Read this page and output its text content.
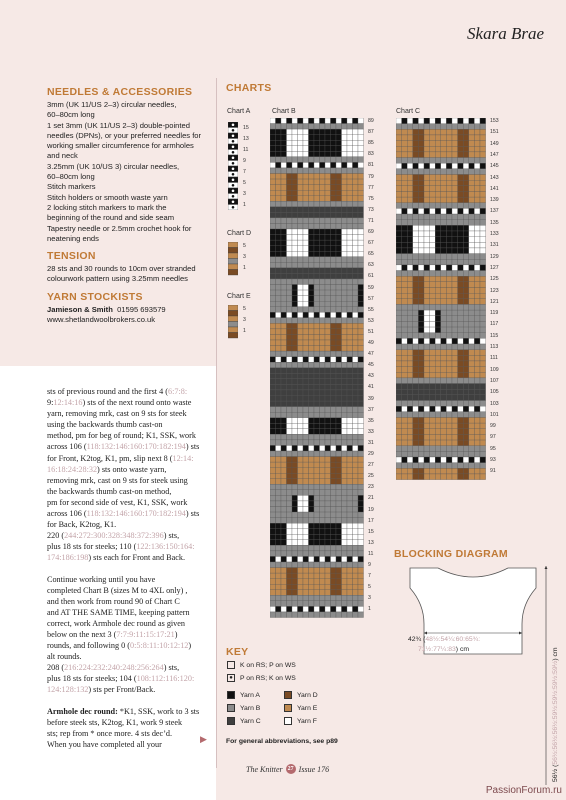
Skara Brae
NEEDLES & ACCESSORIES
3mm (UK 11/US 2–3) circular needles,
60–80cm long
1 set 3mm (UK 11/US 2–3) double-pointed
needles (DPNs), or your preferred needles for
working smaller circumference for armholes
and neck
3.25mm (UK 10/US 3) circular needles,
60–80cm long
Stitch markers
Stitch holders or smooth waste yarn
2 locking stitch markers to mark the
beginning of the round and side seam
Tapestry needle or 2.5mm crochet hook for
neatening ends
TENSION
28 sts and 30 rounds to 10cm over stranded
colourwork pattern using 3.25mm needles
YARN STOCKISTS
Jamieson & Smith 01595 693579
www.shetlandwoolbrokers.co.uk
sts of previous round and the first 4 (6:7:8:
9:12:14:16) sts of the next round onto waste
yarn, removing mrk, cast on 9 sts for steek
using the backwards thumb cast-on
method, pm for beg of round; K1, SSK, work
across 106 (118:132:146:160:170:182:194) sts
for Front, K2tog, K1, pm, slip next 8 (12:14:
16:18:24:28:32) sts onto waste yarn,
removing mrk, cast on 9 sts for steek using
the backwards thumb cast-on method,
pm for second side of vest, K1, SSK, work
across 106 (118:132:146:160:170:182:194) sts
for Back, K2tog, K1.
220 (244:272:300:328:348:372:396) sts,
plus 18 sts for steeks; 110 (122:136:150:164:
174:186:198) sts each for Front and Back.
Continue working until you have
completed Chart B (sizes M to 4XL only) ,
and then work from round 90 of Chart C
and AT THE SAME TIME, keeping pattern
correct, work Armhole dec round as given
below on the next 3 (7:7:9:11:15:17:21)
rounds, and following 0 (0:5:8:11:10:12:12)
alt rounds.
208 (216:224:232:240:248:256:264) sts,
plus 18 sts for steeks; 104 (108:112:116:120:
124:128:132) sts per Front/Back.
Armhole dec round: *K1, SSK, work to 3 sts
before steek sts, K2tog, K1, work 9 steek
sts; rep from * once more. 4 sts dec’d.
When you have completed all your
▶
CHARTS
Chart A	Chart B	Chart C
Chart D
Chart E
89
87
85
83
81
79
77
75
73
71
69
67
65
63
61
59
57
55
53
51
49
47
45
43
41
39
37
35
33
31
29
27
25
23
21
19
17
15
13
11
9
7
5
3
1
153
151
149
147
145
143
141
139
137
135
133
131
129
127
125
123
121
119
117
115
113
111
109
107
105
103
101
99
97
95
93
91
15
13
11
9
7
5
3
1
5
3
1
5
3
1
BLOCKING DIAGRAM
42¾ (48½:54¼:60:65¾:
71½:77¼:83) cm
56½ (56½:56½:56½:59½:59½:59½:59½) cm
KEY
K on RS; P on WS
●	P on RS; K on WS
Yarn A	Yarn D
Yarn B	Yarn E
Yarn C	Yarn F
For general abbreviations, see p89
The Knitter 27 Issue 176
PassionForum.ru
